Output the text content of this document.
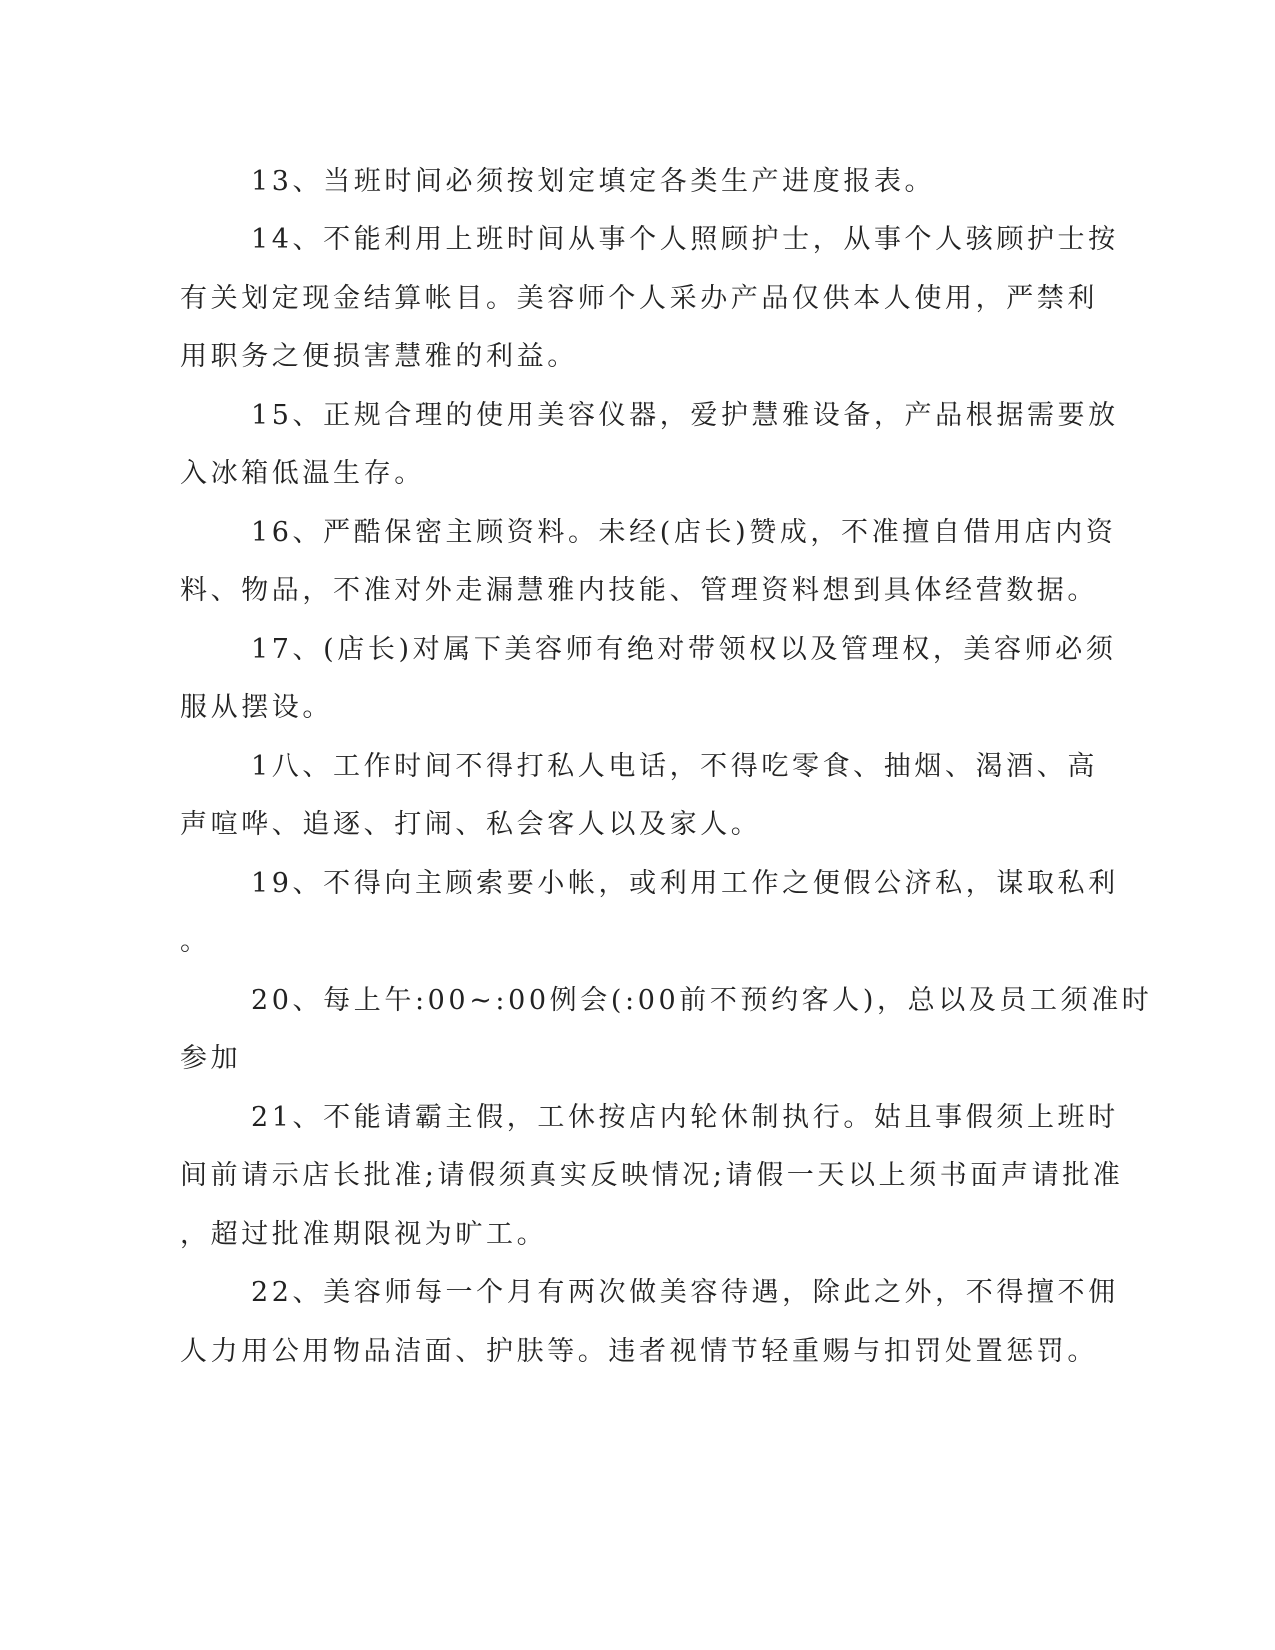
13、当班时间必须按划定填定各类生产进度报表。
14、不能利用上班时间从事个人照顾护士，从事个人骇顾护士按
有关划定现金结算帐目。美容师个人采办产品仅供本人使用，严禁利
用职务之便损害慧雅的利益。
15、正规合理的使用美容仪器，爱护慧雅设备，产品根据需要放
入冰箱低温生存。
16、严酷保密主顾资料。未经(店长)赞成，不准擅自借用店内资
料、物品，不准对外走漏慧雅内技能、管理资料想到具体经营数据。
17、(店长)对属下美容师有绝对带领权以及管理权，美容师必须
服从摆设。
1八、工作时间不得打私人电话，不得吃零食、抽烟、渴酒、高
声喧哗、追逐、打闹、私会客人以及家人。
19、不得向主顾索要小帐，或利用工作之便假公济私，谋取私利
。
20、每上午:00~:00例会(:00前不预约客人)，总以及员工须准时
参加
21、不能请霸主假，工休按店内轮休制执行。姑且事假须上班时
间前请示店长批准;请假须真实反映情况;请假一天以上须书面声请批准
，超过批准期限视为旷工。
22、美容师每一个月有两次做美容待遇，除此之外，不得擅不佣
人力用公用物品洁面、护肤等。违者视情节轻重赐与扣罚处置惩罚。
